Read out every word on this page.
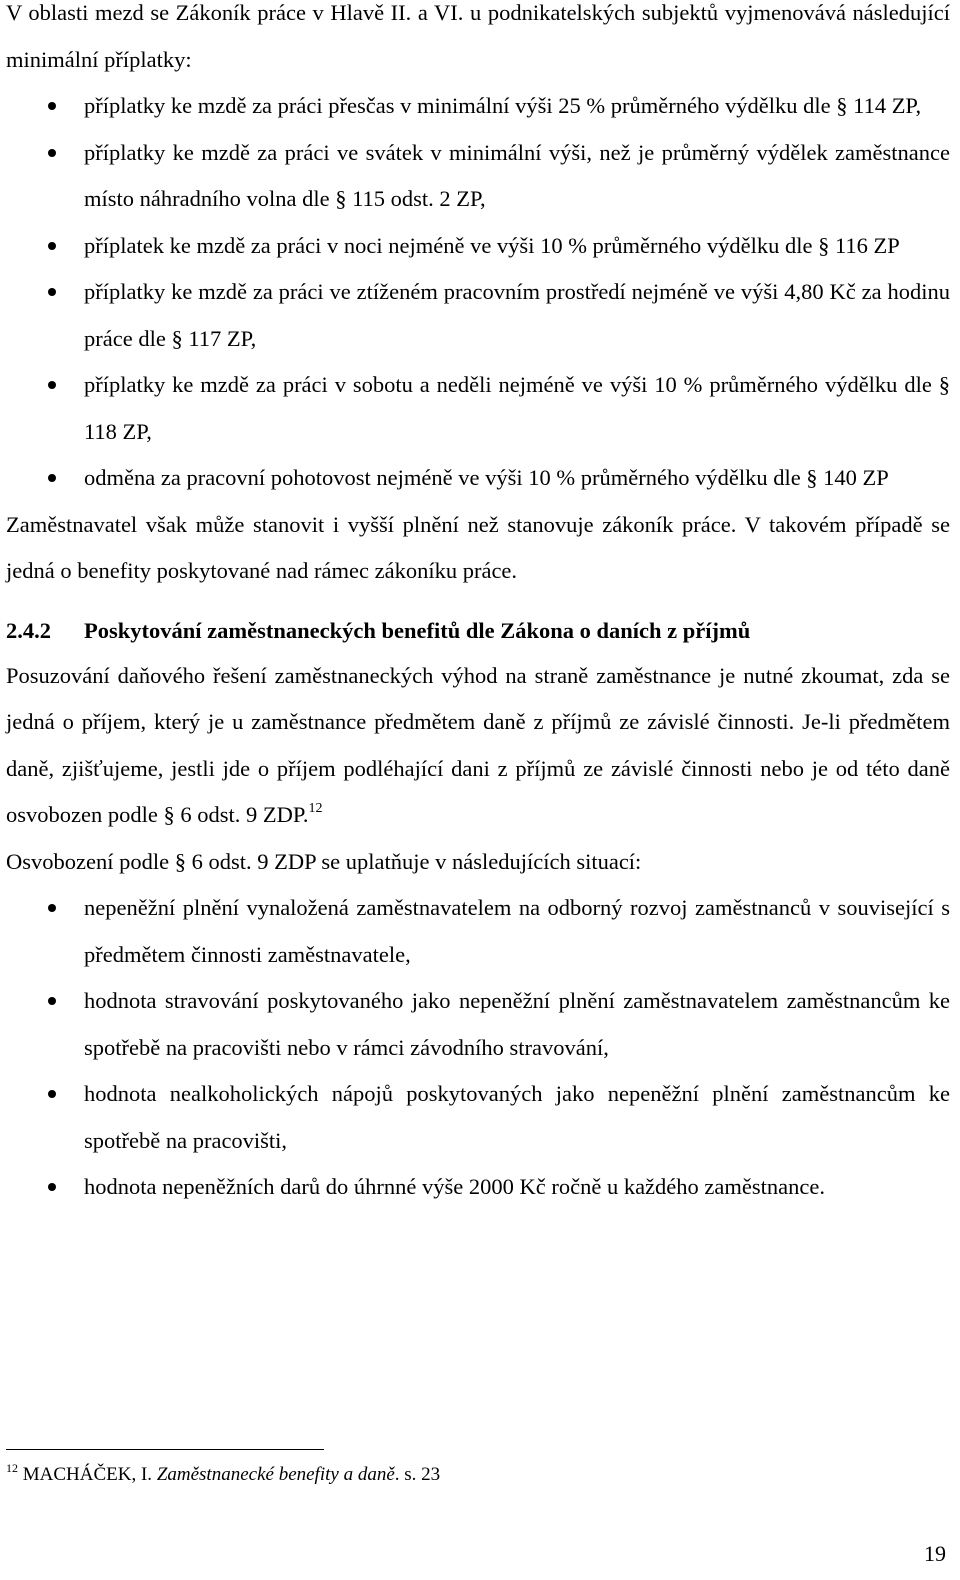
V oblasti mezd se Zákoník práce v Hlavě II. a VI. u podnikatelských subjektů vyjmenovává následující minimální příplatky:

příplatky ke mzdě za práci přesčas v minimální výši 25 % průměrného výdělku dle § 114 ZP,
příplatky ke mzdě za práci ve svátek v minimální výši, než je průměrný výdělek zaměstnance místo náhradního volna dle § 115 odst. 2 ZP,
příplatek ke mzdě za práci v noci nejméně ve výši 10 % průměrného výdělku dle § 116 ZP
příplatky ke mzdě za práci ve ztíženém pracovním prostředí nejméně ve výši 4,80 Kč za hodinu práce dle § 117 ZP,
příplatky ke mzdě za práci v sobotu a neděli nejméně ve výši 10 % průměrného výdělku dle § 118 ZP,
odměna za pracovní pohotovost nejméně ve výši 10 % průměrného výdělku dle § 140 ZP

Zaměstnavatel však může stanovit i vyšší plnění než stanovuje zákoník práce. V takovém případě se jedná o benefity poskytované nad rámec zákoníku práce.

2.4.2	Poskytování zaměstnaneckých benefitů dle Zákona o daních z příjmů

Posuzování daňového řešení zaměstnaneckých výhod na straně zaměstnance je nutné zkoumat, zda se jedná o příjem, který je u zaměstnance předmětem daně z příjmů ze závislé činnosti. Je-li předmětem daně, zjišťujeme, jestli jde o příjem podléhající dani z příjmů ze závislé činnosti nebo je od této daně osvobozen podle § 6 odst. 9 ZDP.$^{12}$

Osvobození podle § 6 odst. 9 ZDP se uplatňuje v následujících situací:

nepeněžní plnění vynaložená zaměstnavatelem na odborný rozvoj zaměstnanců v související s předmětem činnosti zaměstnavatele,
hodnota stravování poskytovaného jako nepeněžní plnění zaměstnavatelem zaměstnancům ke spotřebě na pracovišti nebo v rámci závodního stravování,
hodnota nealkoholických nápojů poskytovaných jako nepeněžní plnění zaměstnancům ke spotřebě na pracovišti,
hodnota nepeněžních darů do úhrnné výše 2000 Kč ročně u každého zaměstnance.
$^{12}$ MACHÁČEK, I. Zaměstnanecké benefity a daně. s. 23
19
